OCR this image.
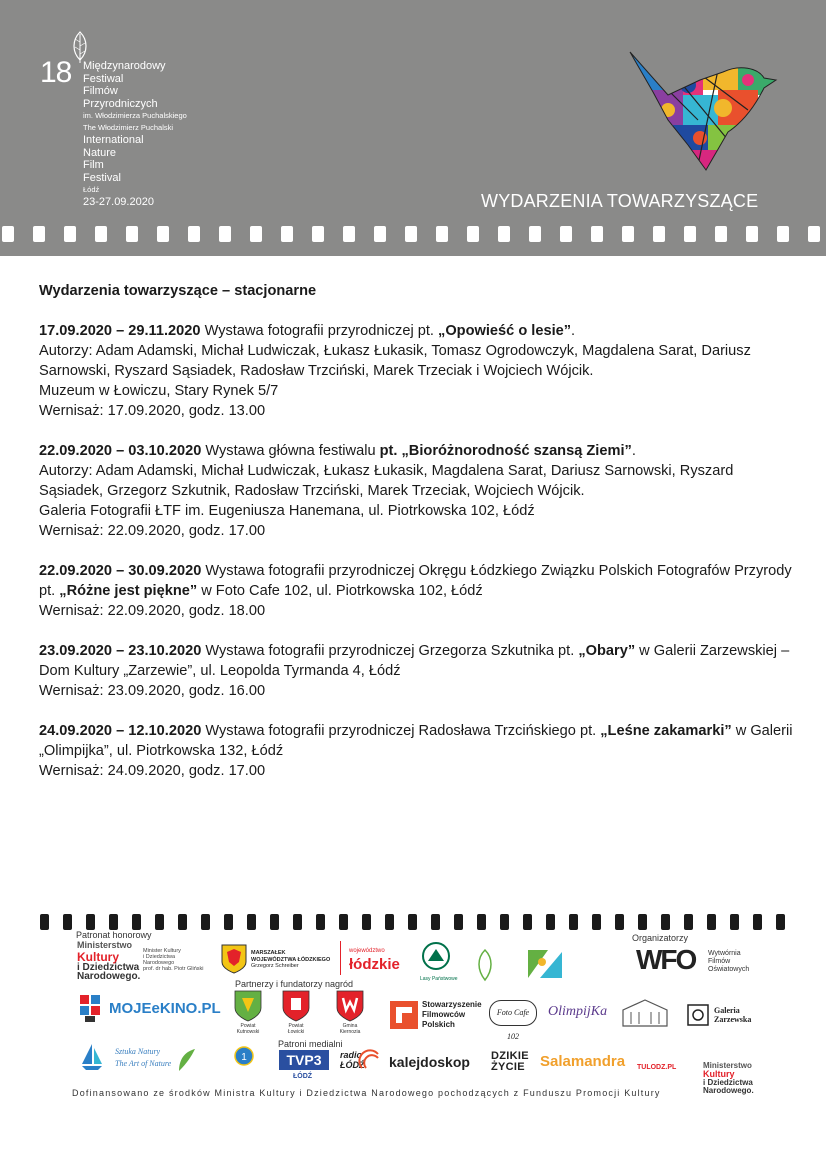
18 Międzynarodowy
Festiwal
Filmów
Przyrodniczych
im. Włodzimierza Puchalskiego
The Włodzimierz Puchalski
International
Nature
Film
Festival
Łódź
23-27.09.2020	WYDARZENIA TOWARZYSZĄCE
Wydarzenia towarzyszące – stacjonarne
17.09.2020 – 29.11.2020 Wystawa fotografii przyrodniczej pt. „Opowieść o lesie”.
Autorzy: Adam Adamski, Michał Ludwiczak, Łukasz Łukasik, Tomasz Ogrodowczyk, Magdalena Sarat, Dariusz Sarnowski, Ryszard Sąsiadek, Radosław Trzciński, Marek Trzeciak i Wojciech Wójcik.
Muzeum w Łowiczu, Stary Rynek 5/7
Wernisaż: 17.09.2020, godz. 13.00
22.09.2020 – 03.10.2020 Wystawa główna festiwalu pt. „Bioróżnorodność szansą Ziemi”.
Autorzy: Adam Adamski, Michał Ludwiczak, Łukasz Łukasik, Magdalena Sarat, Dariusz Sarnowski, Ryszard Sąsiadek, Grzegorz Szkutnik, Radosław Trzciński, Marek Trzeciak, Wojciech Wójcik.
Galeria Fotografii ŁTF im. Eugeniusza Hanemana, ul. Piotrkowska 102, Łódź
Wernisaż: 22.09.2020, godz. 17.00
22.09.2020 – 30.09.2020 Wystawa fotografii przyrodniczej Okręgu Łódzkiego Związku Polskich Fotografów Przyrody pt. „Różne jest piękne” w Foto Cafe 102, ul. Piotrkowska 102, Łódź
Wernisaż: 22.09.2020, godz. 18.00
23.09.2020 – 23.10.2020 Wystawa fotografii przyrodniczej Grzegorza Szkutnika pt. „Obary” w Galerii Zarzewskiej – Dom Kultury „Zarzewie”, ul. Leopolda Tyrmanda 4, Łódź
Wernisaż: 23.09.2020, godz. 16.00
24.09.2020 – 12.10.2020 Wystawa fotografii przyrodniczej Radosława Trzcińskiego pt. „Leśne zakamarki” w Galerii „Olimpijka”, ul. Piotrkowska 132, Łódź
Wernisaż: 24.09.2020, godz. 17.00
Patronat honorowy	Organizatorzy
Partnerzy i fundatorzy nagród
Patroni medialni
Ministerstwo
Kultury
i Dziedzictwa
Narodowego.
Minister Kultury
i Dziedzictwa
Narodowego
prof. dr hab. Piotr Gliński
MARSZAŁEK
WOJEWÓDZTWA ŁÓDZKIEGO
Grzegorz Schreiber
województwo
łódzkie
Lasy Państwowe
WFO Wytwórnia
Filmów
Oświatowych
MOJEeKINO.PL
Powiat
Kutnowski
Powiat
Łowicki
Gmina
Kiernozia
Stowarzyszenie
Filmowców
Polskich
Foto Cafe 102
OlimpijKa	Galeria
Zarzewska
Sztuka Natury
The Art of Nature
1	TVP3
ŁÓDŹ
radio
ŁÓDŹ kalejdoskop DZIKIE
ŻYCIE Salamandra TULODZ.PL	Ministerstwo
Kultury
i Dziedzictwa
Narodowego.
Dofinansowano ze środków Ministra Kultury i Dziedzictwa Narodowego pochodzących z Funduszu Promocji Kultury
